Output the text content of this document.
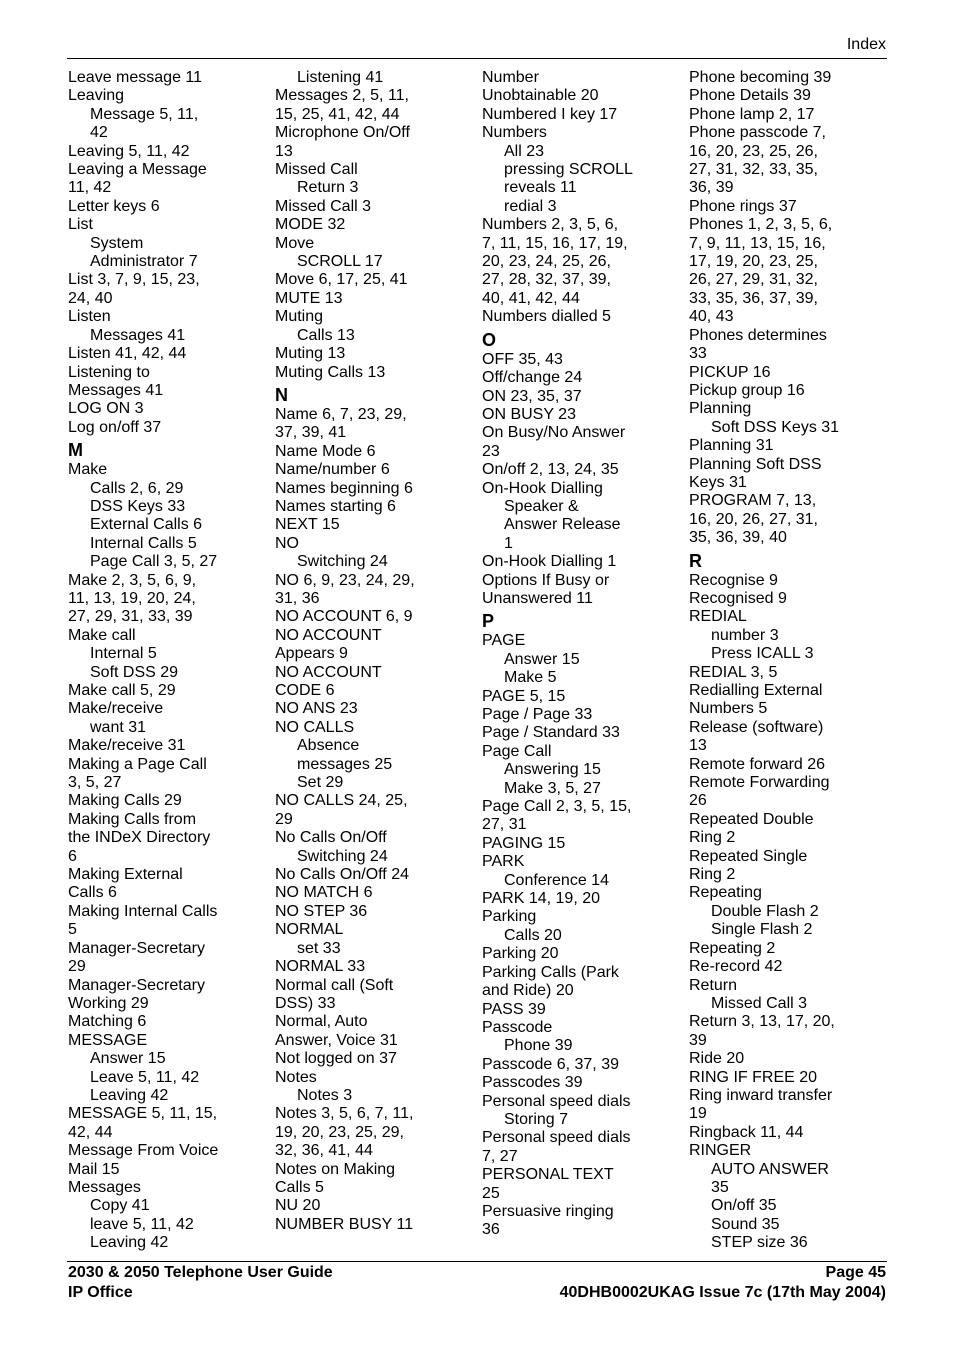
Index
Leave message 11
Leaving
Message 5, 11,
42
Leaving 5, 11, 42
Leaving a Message
11, 42
Letter keys 6
List
System
Administrator 7
List 3, 7, 9, 15, 23,
24, 40
Listen
Messages 41
Listen 41, 42, 44
Listening to
Messages 41
LOG ON 3
Log on/off 37
M
Make
Calls 2, 6, 29
DSS Keys 33
External Calls 6
Internal Calls 5
Page Call 3, 5, 27
Make 2, 3, 5, 6, 9,
11, 13, 19, 20, 24,
27, 29, 31, 33, 39
Make call
Internal 5
Soft DSS 29
Make call 5, 29
Make/receive
want 31
Make/receive 31
Making a Page Call
3, 5, 27
Making Calls 29
Making Calls from
the INDeX Directory
6
Making External
Calls 6
Making Internal Calls
5
Manager-Secretary
29
Manager-Secretary
Working 29
Matching 6
MESSAGE
Answer 15
Leave 5, 11, 42
Leaving 42
MESSAGE 5, 11, 15,
42, 44
Message From Voice
Mail 15
Messages
Copy 41
leave 5, 11, 42
Leaving 42
Listening 41
Messages 2, 5, 11,
15, 25, 41, 42, 44
Microphone On/Off
13
Missed Call
Return 3
Missed Call 3
MODE 32
Move
SCROLL 17
Move 6, 17, 25, 41
MUTE 13
Muting
Calls 13
Muting 13
Muting Calls 13
N
Name 6, 7, 23, 29,
37, 39, 41
Name Mode 6
Name/number 6
Names beginning 6
Names starting 6
NEXT 15
NO
Switching 24
NO 6, 9, 23, 24, 29,
31, 36
NO ACCOUNT 6, 9
NO ACCOUNT
Appears 9
NO ACCOUNT
CODE 6
NO ANS 23
NO CALLS
Absence
messages 25
Set 29
NO CALLS 24, 25,
29
No Calls On/Off
Switching 24
No Calls On/Off 24
NO MATCH 6
NO STEP 36
NORMAL
set 33
NORMAL 33
Normal call (Soft
DSS) 33
Normal, Auto
Answer, Voice 31
Not logged on 37
Notes
Notes 3
Notes 3, 5, 6, 7, 11,
19, 20, 23, 25, 29,
32, 36, 41, 44
Notes on Making
Calls 5
NU 20
NUMBER BUSY 11
Number
Unobtainable 20
Numbered I key 17
Numbers
All 23
pressing SCROLL
reveals 11
redial 3
Numbers 2, 3, 5, 6,
7, 11, 15, 16, 17, 19,
20, 23, 24, 25, 26,
27, 28, 32, 37, 39,
40, 41, 42, 44
Numbers dialled 5
O
OFF 35, 43
Off/change 24
ON 23, 35, 37
ON BUSY 23
On Busy/No Answer
23
On/off 2, 13, 24, 35
On-Hook Dialling
Speaker &
Answer Release
1
On-Hook Dialling 1
Options If Busy or
Unanswered 11
P
PAGE
Answer 15
Make 5
PAGE 5, 15
Page / Page 33
Page / Standard 33
Page Call
Answering 15
Make 3, 5, 27
Page Call 2, 3, 5, 15,
27, 31
PAGING 15
PARK
Conference 14
PARK 14, 19, 20
Parking
Calls 20
Parking 20
Parking Calls (Park
and Ride) 20
PASS 39
Passcode
Phone 39
Passcode 6, 37, 39
Passcodes 39
Personal speed dials
Storing 7
Personal speed dials
7, 27
PERSONAL TEXT
25
Persuasive ringing
36
Phone becoming 39
Phone Details 39
Phone lamp 2, 17
Phone passcode 7,
16, 20, 23, 25, 26,
27, 31, 32, 33, 35,
36, 39
Phone rings 37
Phones 1, 2, 3, 5, 6,
7, 9, 11, 13, 15, 16,
17, 19, 20, 23, 25,
26, 27, 29, 31, 32,
33, 35, 36, 37, 39,
40, 43
Phones determines
33
PICKUP 16
Pickup group 16
Planning
Soft DSS Keys 31
Planning 31
Planning Soft DSS
Keys 31
PROGRAM 7, 13,
16, 20, 26, 27, 31,
35, 36, 39, 40
R
Recognise 9
Recognised 9
REDIAL
number 3
Press ICALL 3
REDIAL 3, 5
Redialling External
Numbers 5
Release (software)
13
Remote forward 26
Remote Forwarding
26
Repeated Double
Ring 2
Repeated Single
Ring 2
Repeating
Double Flash 2
Single Flash 2
Repeating 2
Re-record 42
Return
Missed Call 3
Return 3, 13, 17, 20,
39
Ride 20
RING IF FREE 20
Ring inward transfer
19
Ringback 11, 44
RINGER
AUTO ANSWER
35
On/off 35
Sound 35
STEP size 36
2030 & 2050 Telephone User Guide
IP Office
Page 45
40DHB0002UKAG Issue 7c (17th May 2004)
